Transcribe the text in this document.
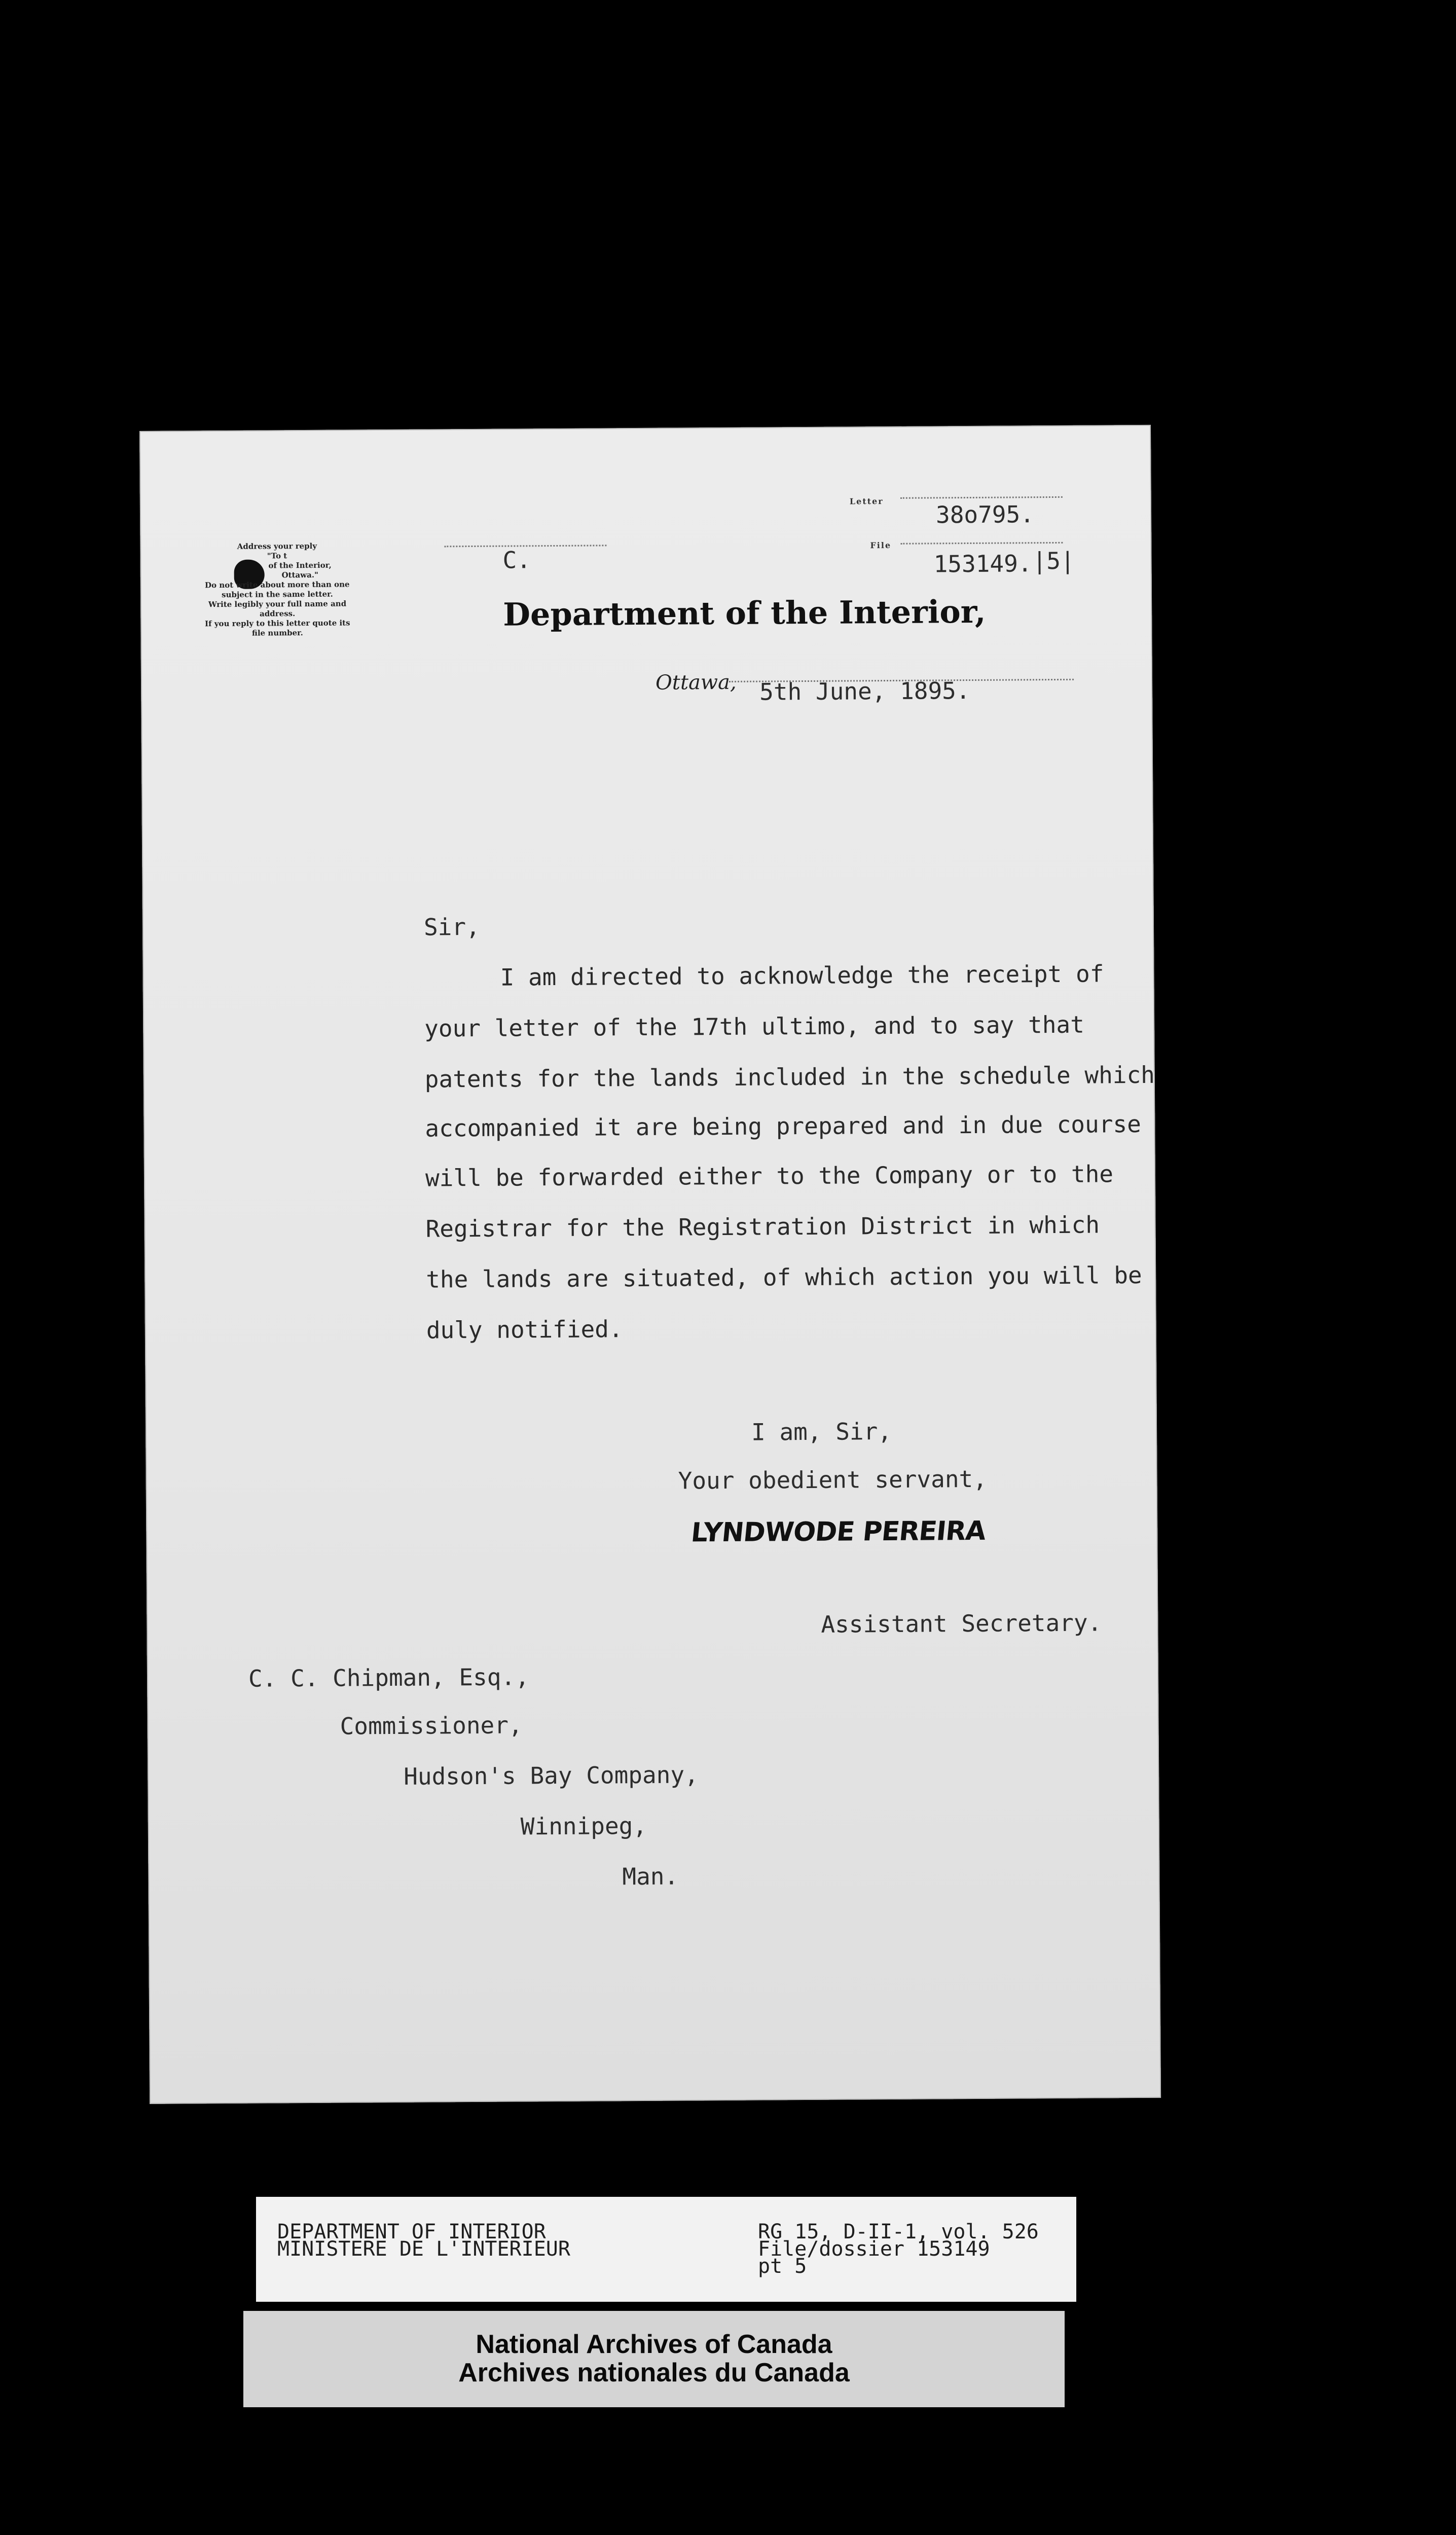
Address your reply
"To t
of the Interior,
Ottawa."
Do not write about more than one
subject in the same letter.
Write legibly your full name and
address.
If you reply to this letter quote its
file number.
C.
Letter 38o795.
File
153149. |5|
Department of the Interior,
Ottawa, 5th June, 1895.
Sir,
I am directed to acknowledge the receipt of
your letter of the 17th ultimo, and to say that
patents for the lands included in the schedule which
accompanied it are being prepared and in due course
will be forwarded either to the Company or to the
Registrar for the Registration District in which
the lands are situated, of which action you will be
duly notified.
I am, Sir,
Your obedient servant,
LYNDWODE PEREIRA
Assistant Secretary.
C. C. Chipman, Esq.,
Commissioner,
Hudson's Bay Company,
Winnipeg,
Man.
DEPARTMENT OF INTERIOR
MINISTERE DE L'INTERIEUR
RG 15, D-II-1, vol. 526
File/dossier 153149
pt 5
National Archives of Canada
Archives nationales du Canada
